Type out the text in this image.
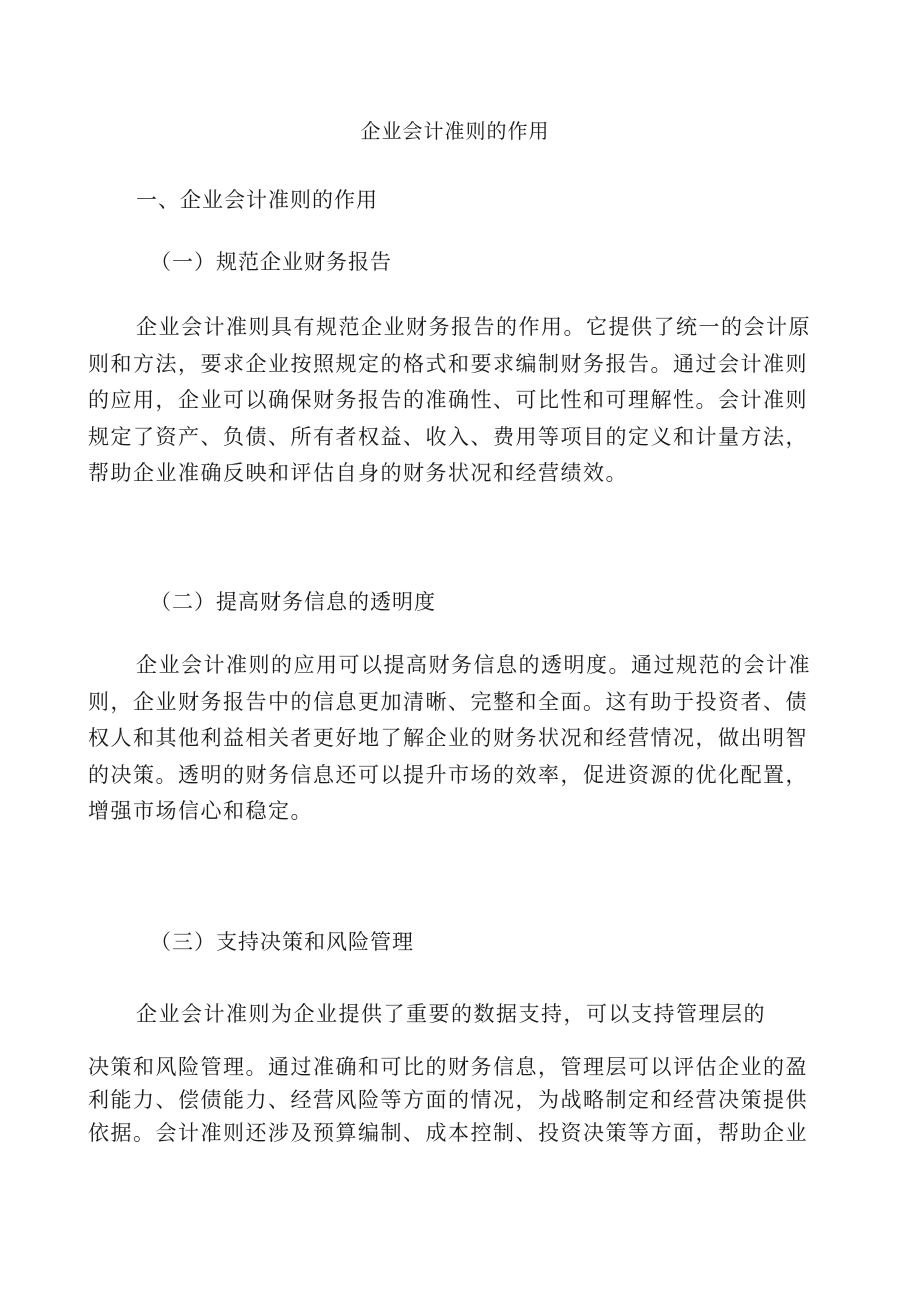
企业会计准则的作用
一、企业会计准则的作用
（一）规范企业财务报告
企业会计准则具有规范企业财务报告的作用。它提供了统一的会计原
则和方法，要求企业按照规定的格式和要求编制财务报告。通过会计准则
的应用，企业可以确保财务报告的准确性、可比性和可理解性。会计准则
规定了资产、负债、所有者权益、收入、费用等项目的定义和计量方法，
帮助企业准确反映和评估自身的财务状况和经营绩效。
（二）提高财务信息的透明度
企业会计准则的应用可以提高财务信息的透明度。通过规范的会计准
则，企业财务报告中的信息更加清晰、完整和全面。这有助于投资者、债
权人和其他利益相关者更好地了解企业的财务状况和经营情况，做出明智
的决策。透明的财务信息还可以提升市场的效率，促进资源的优化配置，
增强市场信心和稳定。
（三）支持决策和风险管理
企业会计准则为企业提供了重要的数据支持，可以支持管理层的
决策和风险管理。通过准确和可比的财务信息，管理层可以评估企业的盈
利能力、偿债能力、经营风险等方面的情况，为战略制定和经营决策提供
依据。会计准则还涉及预算编制、成本控制、投资决策等方面，帮助企业
